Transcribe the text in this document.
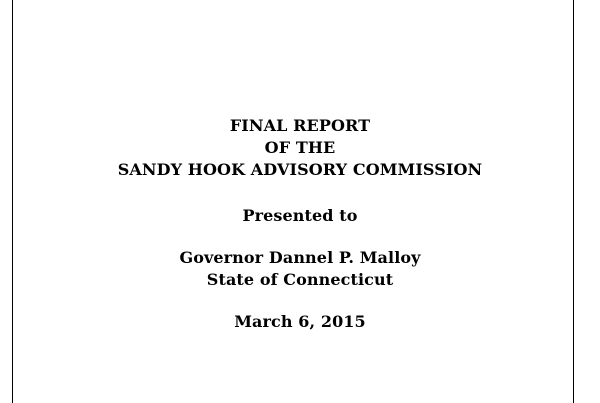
FINAL REPORT
OF THE
SANDY HOOK ADVISORY COMMISSION
Presented to
Governor Dannel P. Malloy
State of Connecticut
March 6, 2015
